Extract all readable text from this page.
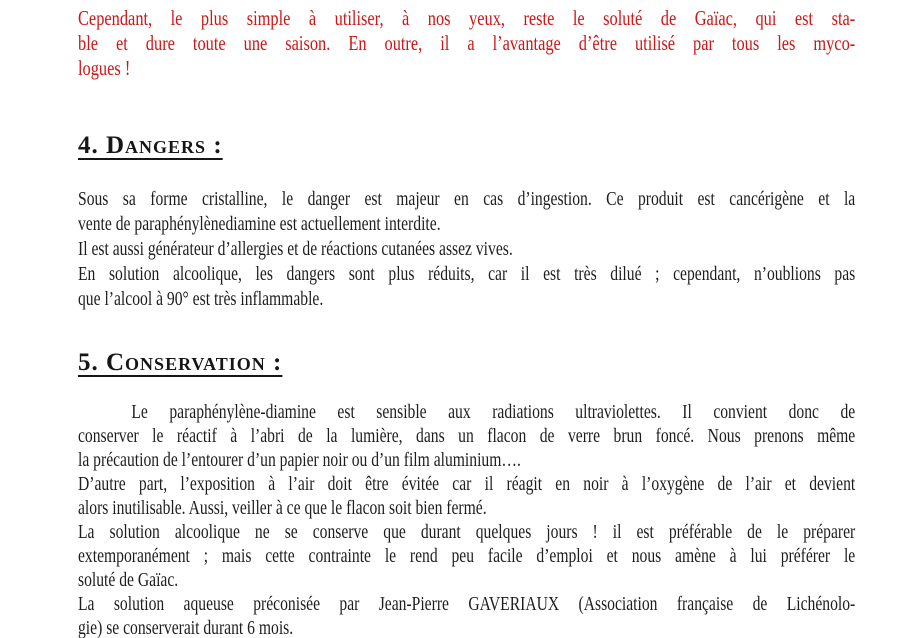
Cependant, le plus simple à utiliser, à nos yeux, reste le soluté de Gaïac, qui est sta-
ble et dure toute une saison. En outre, il a l’avantage d’être utilisé par tous les myco-
logues !
4. Dangers :
Sous sa forme cristalline, le danger est majeur en cas d’ingestion. Ce produit est cancérigène et la
vente de paraphénylènediamine est actuellement interdite.
Il est aussi générateur d’allergies et de réactions cutanées assez vives.
En solution alcoolique, les dangers sont plus réduits, car il est très dilué ; cependant, n’oublions pas
que l’alcool à 90° est très inflammable.
5. Conservation :
Le paraphénylène-diamine est sensible aux radiations ultraviolettes. Il convient donc de
conserver le réactif à l’abri de la lumière, dans un flacon de verre brun foncé. Nous prenons même
la précaution de l’entourer d’un papier noir ou d’un film aluminium….
D’autre part, l’exposition à l’air doit être évitée car il réagit en noir à l’oxygène de l’air et devient
alors inutilisable. Aussi, veiller à ce que le flacon soit bien fermé.
La solution alcoolique ne se conserve que durant quelques jours ! il est préférable de le préparer
extemporanément ; mais cette contrainte le rend peu facile d’emploi et nous amène à lui préférer le
soluté de Gaïac.
La solution aqueuse préconisée par Jean-Pierre GAVERIAUX (Association française de Lichénolo-
gie) se conserverait durant 6 mois.
